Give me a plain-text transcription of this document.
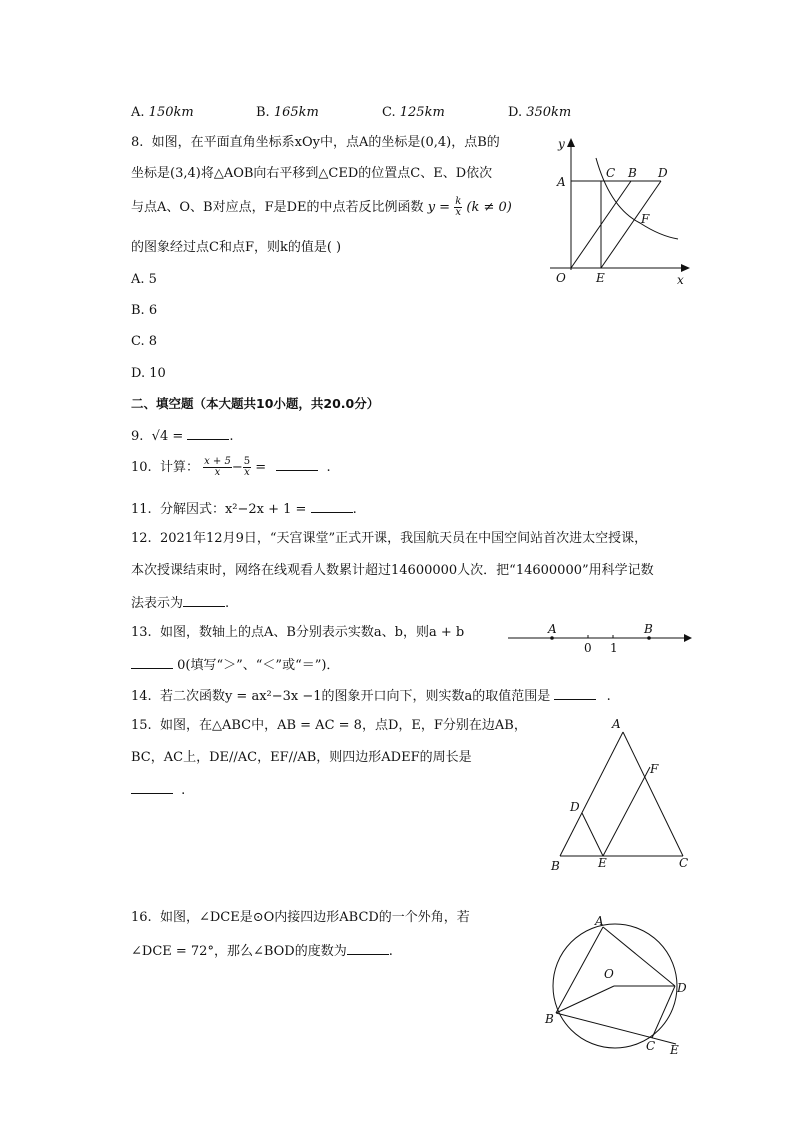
A. 150km	B. 165km	C. 125km	D. 350km
8. 如图，在平面直角坐标系xOy中，点A的坐标是(0,4)，点B的
坐标是(3,4)将△AOB向右平移到△CED的位置点C、E、D依次
与点A、O、B对应点，F是DE的中点若反比例函数 $y = \frac{k}{x} (k \ne 0)$
的图象经过点C和点F，则k的值是( )
A. 5
B. 6
C. 8
D. 10
y
A
C B D
F
O	E	x
二、填空题（本大题共10小题，共20.0分）
9. √4 =	.
10. 计算： $\frac{x + 5}{x} - \frac{5}{x}$ =	.
11. 分解因式：x²−2x + 1 =	.
12. 2021年12月9日，“天宫课堂”正式开课，我国航天员在中国空间站首次进太空授课，
本次授课结束时，网络在线观看人数累计超过14600000人次．把“14600000”用科学记数
法表示为	.
13. 如图，数轴上的点A、B分别表示实数a、b，则a + b
0(填写“＞”、“＜”或“＝”)．
A	B
0 1
14. 若二次函数y = ax²−3x −1的图象开口向下，则实数a的取值范围是	.
15. 如图，在△ABC中，AB = AC = 8，点D，E，F分别在边AB，
BC，AC上，DE//AC，EF//AB，则四边形ADEF的周长是
.
A
F
D
B	E	C
16. 如图，∠DCE是⊙O内接四边形ABCD的一个外角，若
∠DCE = 72°，那么∠BOD的度数为	.
A
O
D
B
C E
